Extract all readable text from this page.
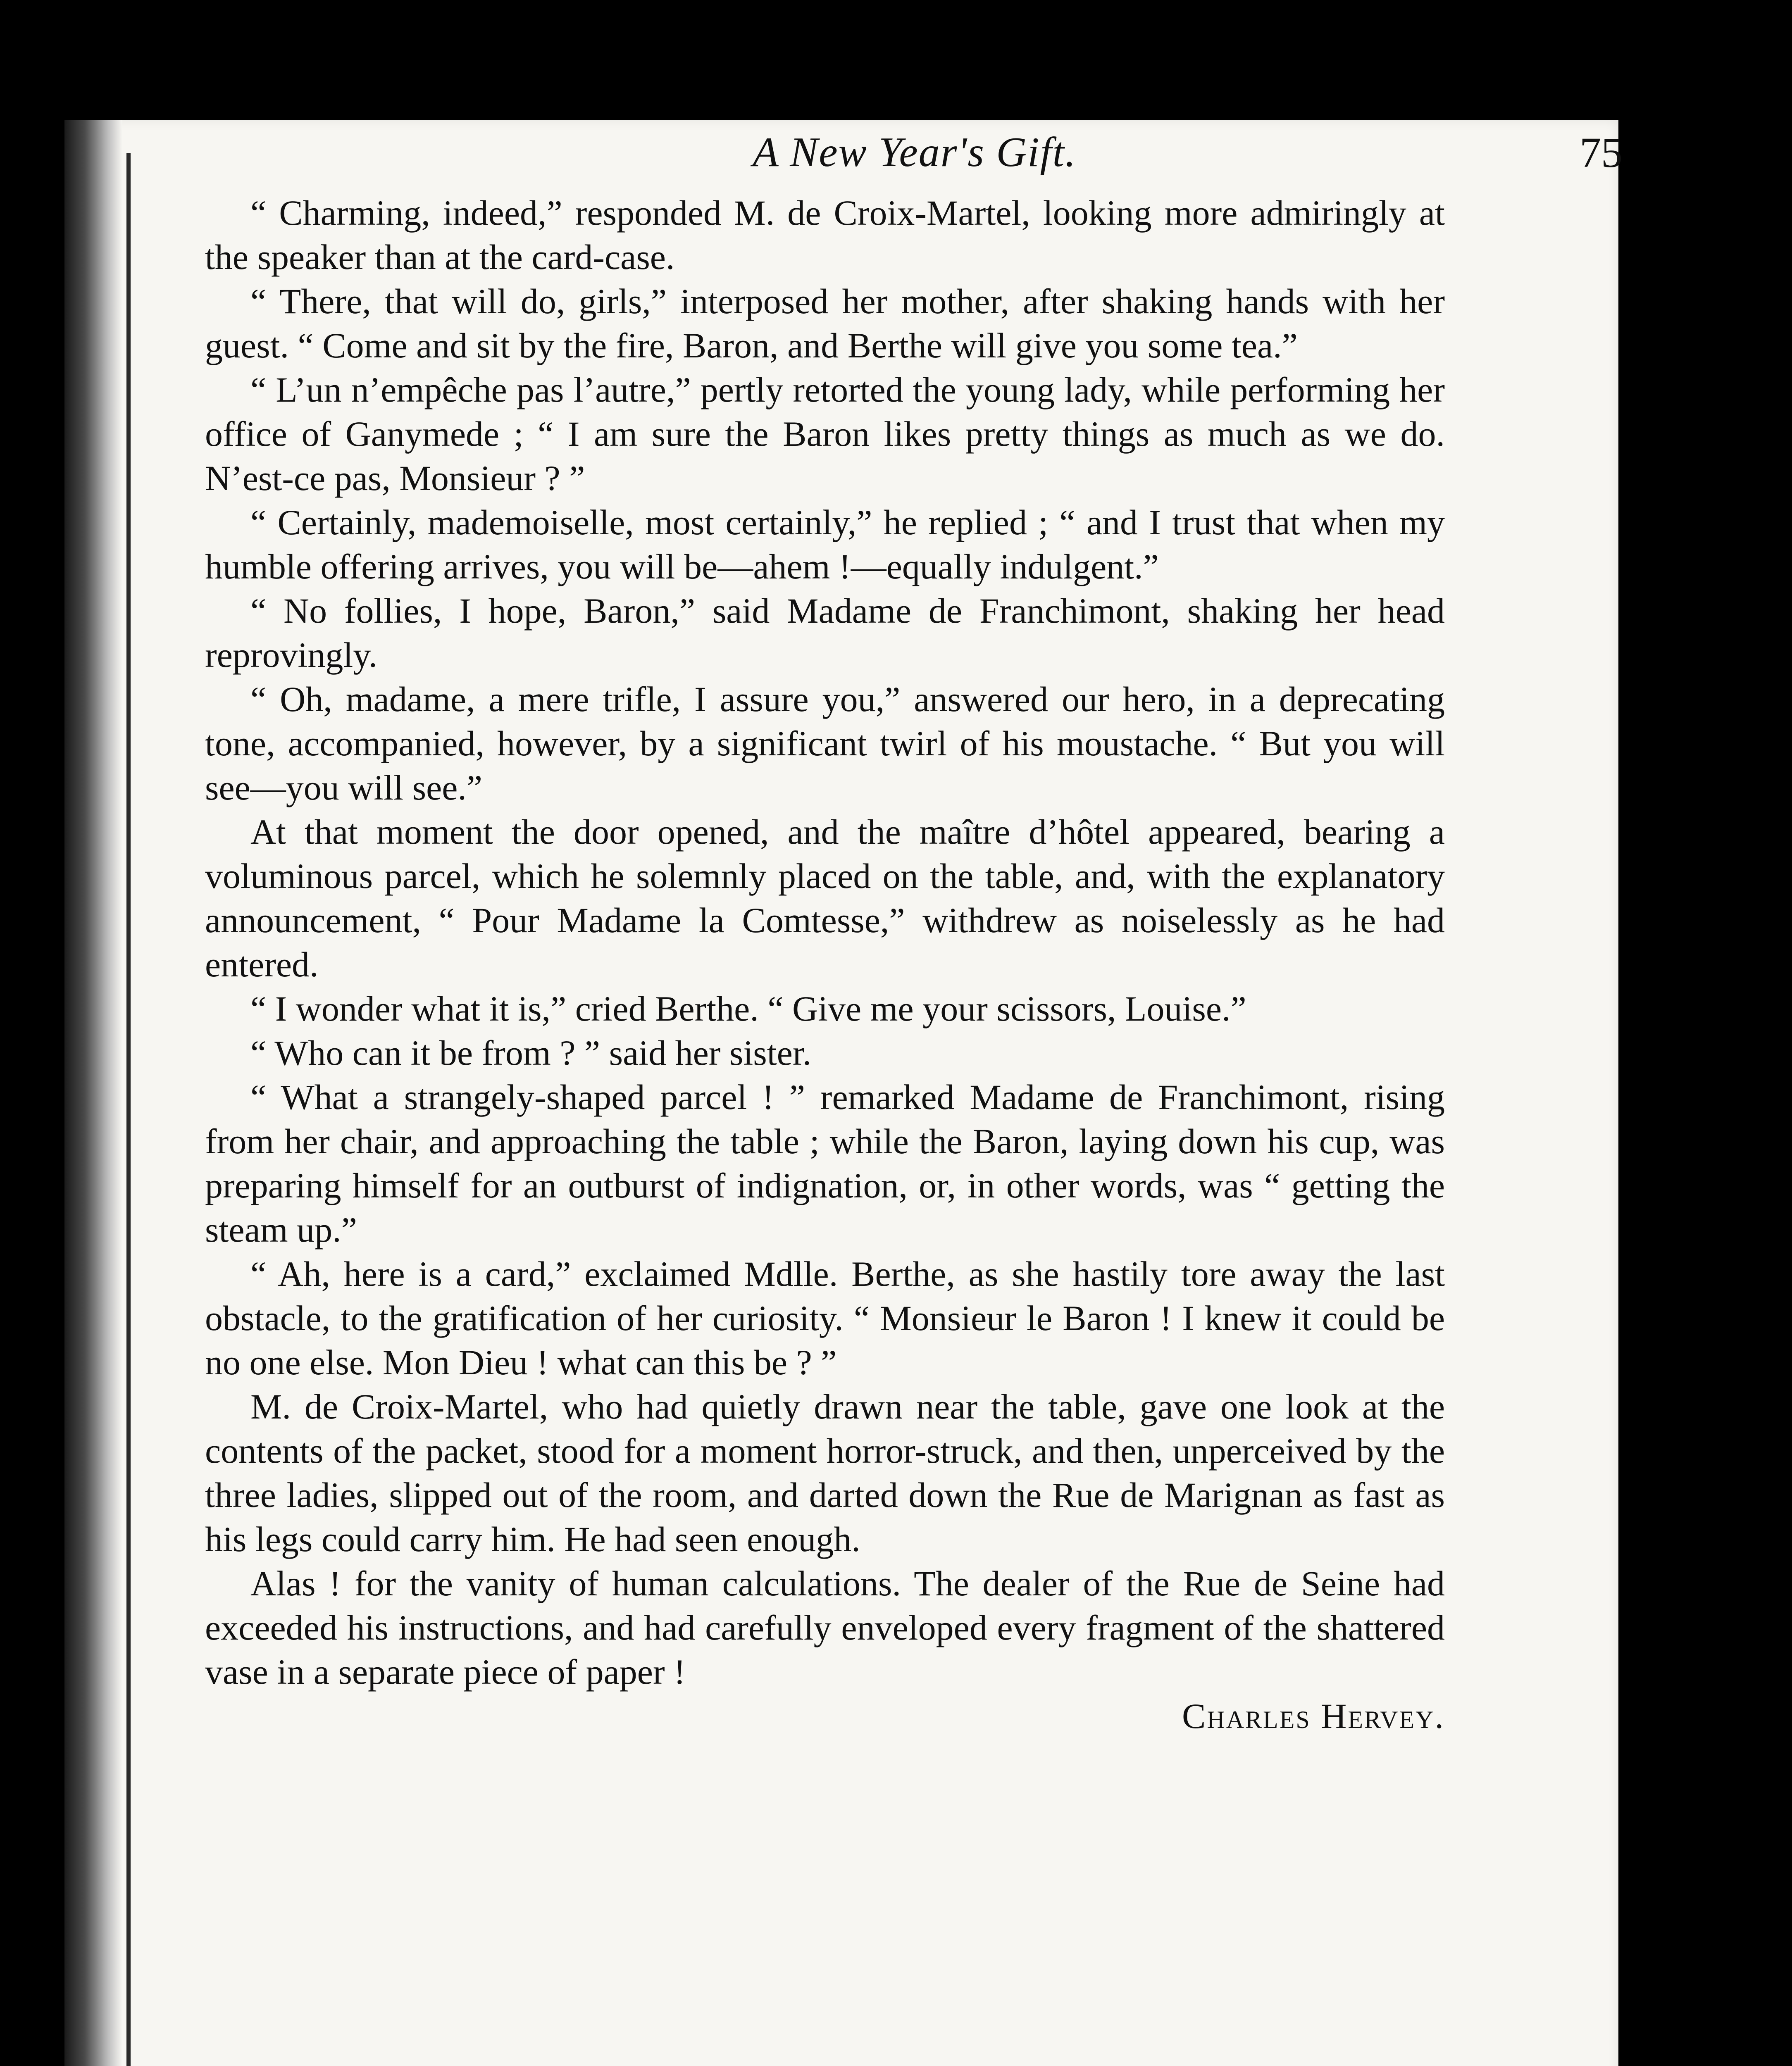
A New Year's Gift.	75

“ Charming, indeed,” responded M. de Croix-Martel, looking more admiringly at the speaker than at the card-case.

“ There, that will do, girls,” interposed her mother, after shaking hands with her guest. “ Come and sit by the fire, Baron, and Berthe will give you some tea.”

“ L’un n’empêche pas l’autre,” pertly retorted the young lady, while performing her office of Ganymede ; “ I am sure the Baron likes pretty things as much as we do. N’est-ce pas, Monsieur ? ”

“ Certainly, mademoiselle, most certainly,” he replied ; “ and I trust that when my humble offering arrives, you will be—ahem !—equally indulgent.”

“ No follies, I hope, Baron,” said Madame de Franchimont, shaking her head reprovingly.

“ Oh, madame, a mere trifle, I assure you,” answered our hero, in a deprecating tone, accompanied, however, by a significant twirl of his moustache. “ But you will see—you will see.”

At that moment the door opened, and the maître d’hôtel appeared, bearing a voluminous parcel, which he solemnly placed on the table, and, with the explanatory announcement, “ Pour Madame la Comtesse,” withdrew as noiselessly as he had entered.

“ I wonder what it is,” cried Berthe. “ Give me your scissors, Louise.”

“ Who can it be from ? ” said her sister.

“ What a strangely-shaped parcel ! ” remarked Madame de Franchimont, rising from her chair, and approaching the table ; while the Baron, laying down his cup, was preparing himself for an outburst of indignation, or, in other words, was “ getting the steam up.”

“ Ah, here is a card,” exclaimed Mdlle. Berthe, as she hastily tore away the last obstacle, to the gratification of her curiosity. “ Monsieur le Baron ! I knew it could be no one else. Mon Dieu ! what can this be ? ”

M. de Croix-Martel, who had quietly drawn near the table, gave one look at the contents of the packet, stood for a moment horror-struck, and then, unperceived by the three ladies, slipped out of the room, and darted down the Rue de Marignan as fast as his legs could carry him. He had seen enough.

Alas ! for the vanity of human calculations. The dealer of the Rue de Seine had exceeded his instructions, and had carefully enveloped every fragment of the shattered vase in a separate piece of paper !

Charles Hervey.
